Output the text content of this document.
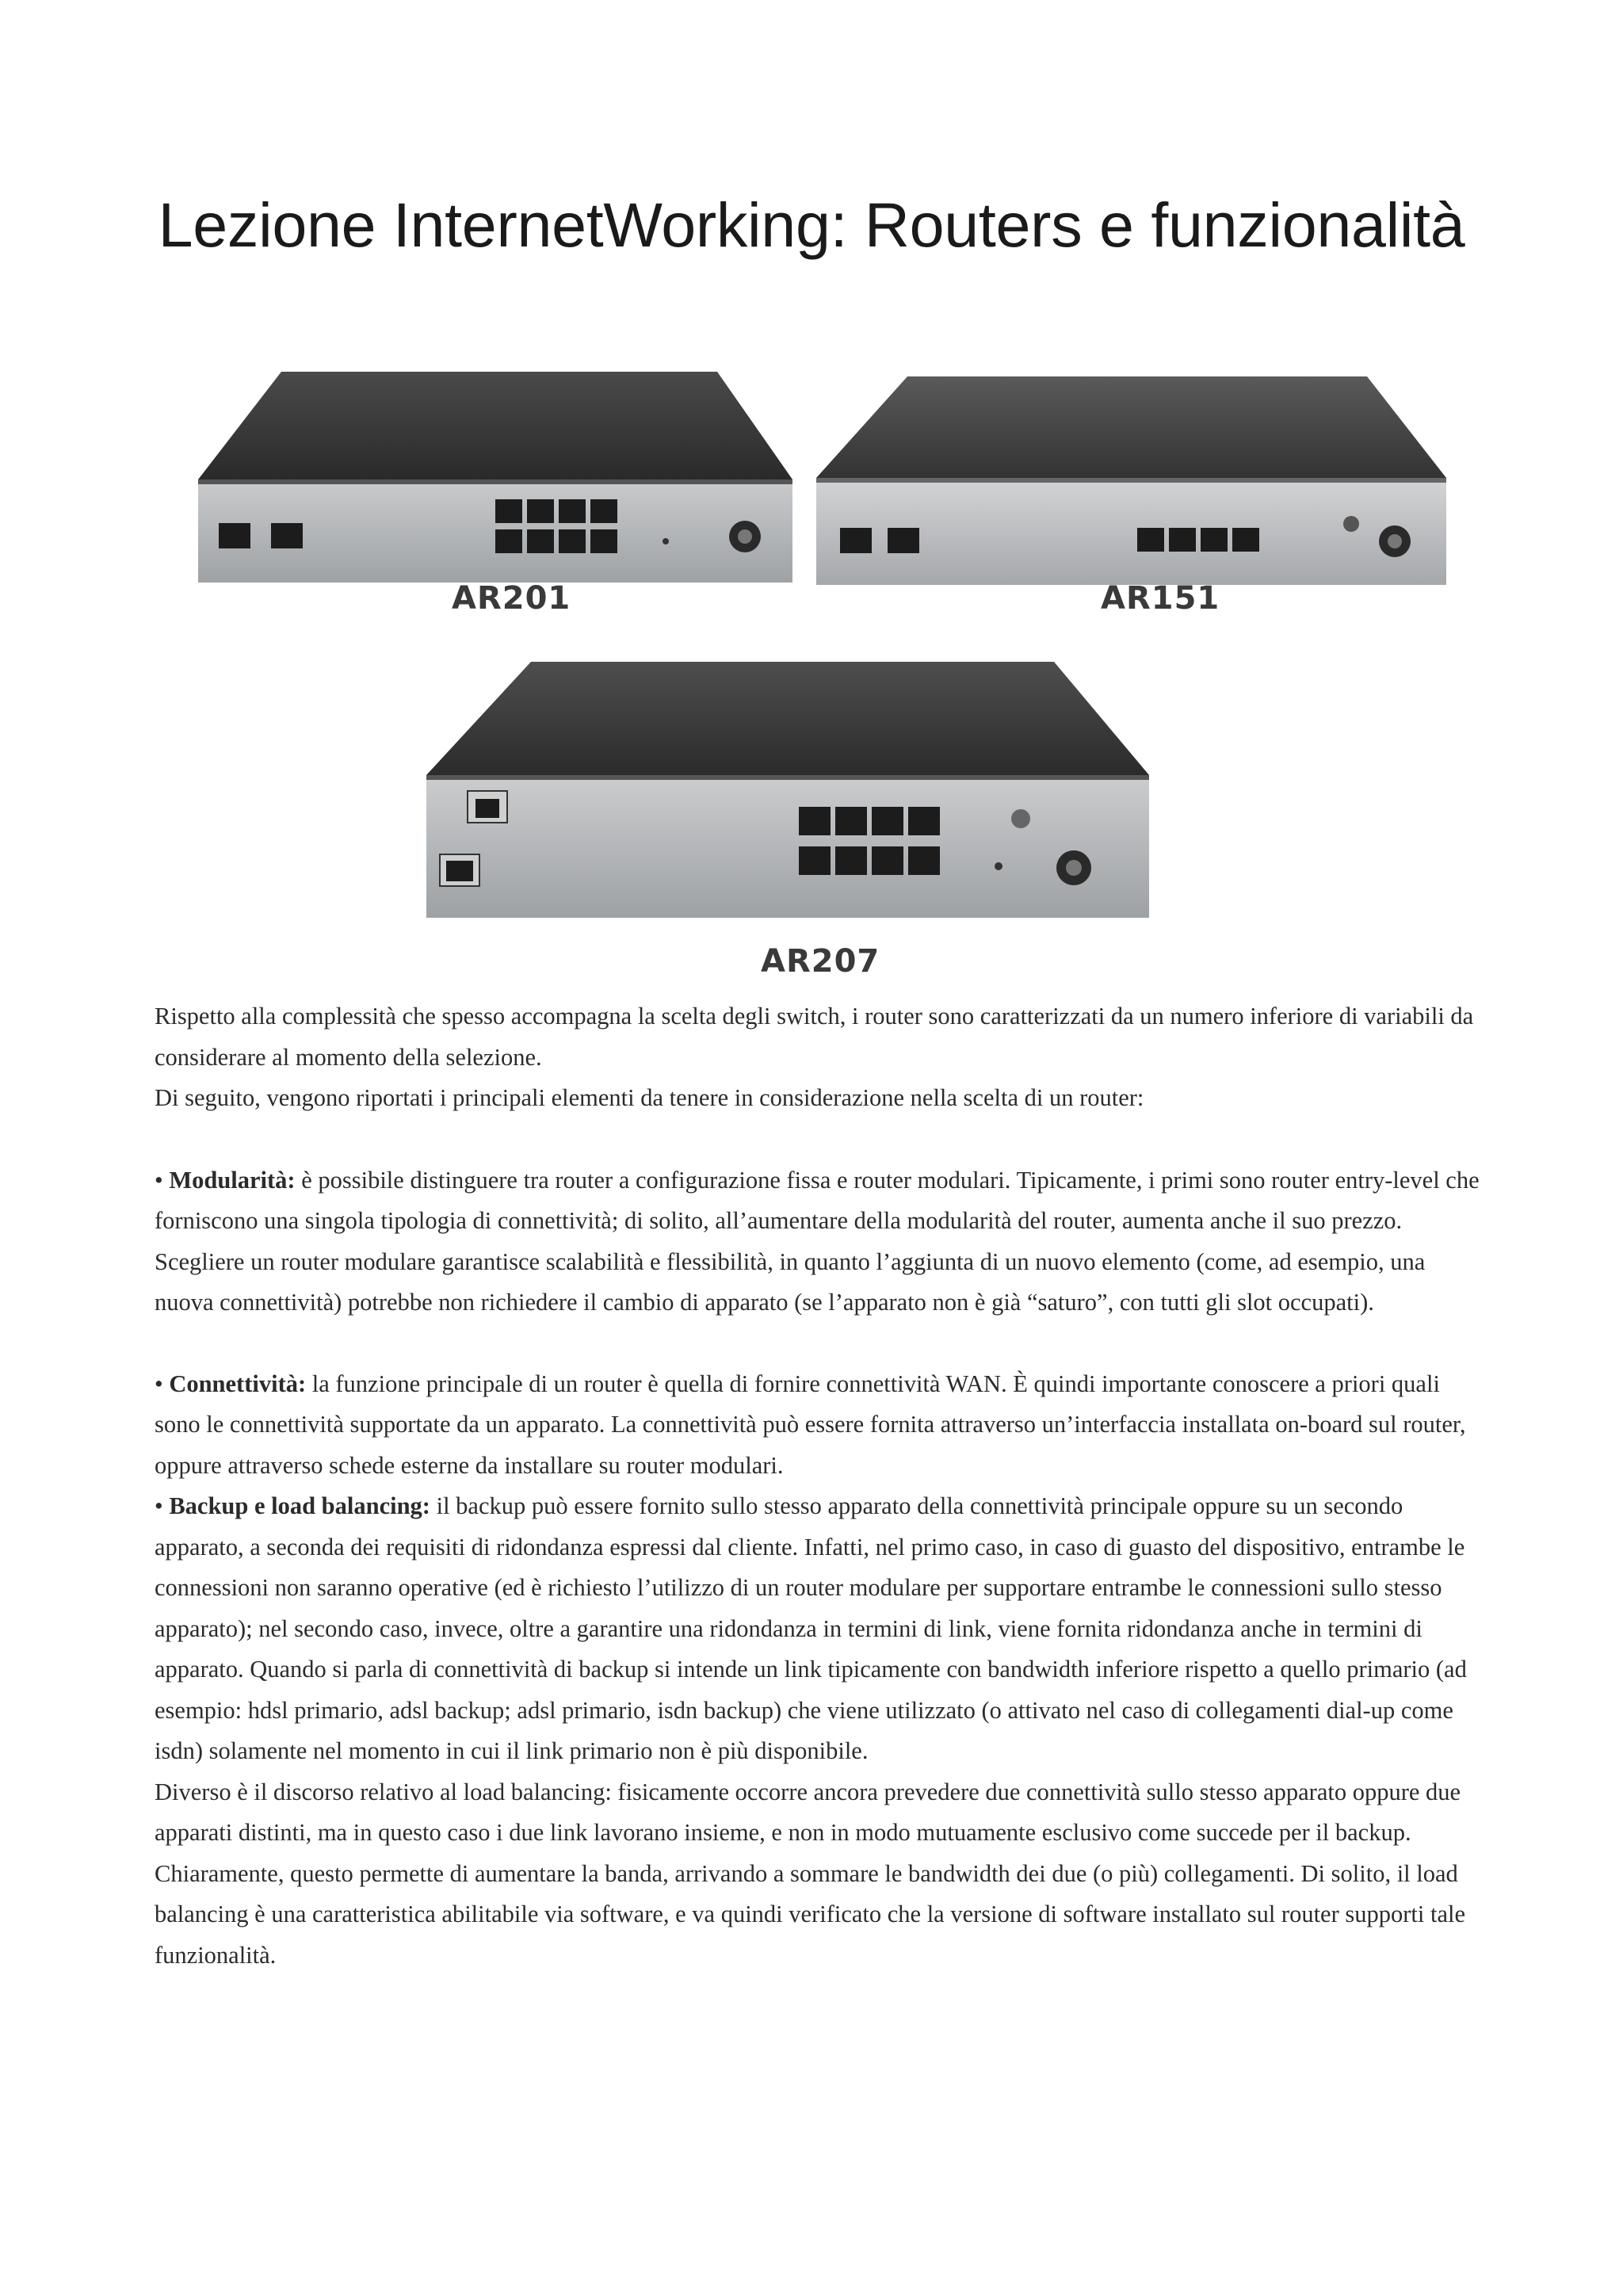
Lezione InternetWorking: Routers e funzionalità
AR201	AR151
AR207

Rispetto alla complessità che spesso accompagna la scelta degli switch, i router sono caratterizzati da un numero inferiore di variabili da considerare al momento della selezione.

Di seguito, vengono riportati i principali elementi da tenere in considerazione nella scelta di un router:

• Modularità: è possibile distinguere tra router a configurazione fissa e router modulari. Tipicamente, i primi sono router entry-level che forniscono una singola tipologia di connettività; di solito, all’aumentare della modularità del router, aumenta anche il suo prezzo. Scegliere un router modulare garantisce scalabilità e flessibilità, in quanto l’aggiunta di un nuovo elemento (come, ad esempio, una nuova connettività) potrebbe non richiedere il cambio di apparato (se l’apparato non è già “saturo”, con tutti gli slot occupati).

• Connettività: la funzione principale di un router è quella di fornire connettività WAN. È quindi importante conoscere a priori quali sono le connettività supportate da un apparato. La connettività può essere fornita attraverso un’interfaccia installata on-board sul router, oppure attraverso schede esterne da installare su router modulari.

• Backup e load balancing: il backup può essere fornito sullo stesso apparato della connettività principale oppure su un secondo apparato, a seconda dei requisiti di ridondanza espressi dal cliente. Infatti, nel primo caso, in caso di guasto del dispositivo, entrambe le connessioni non saranno operative (ed è richiesto l’utilizzo di un router modulare per supportare entrambe le connessioni sullo stesso apparato); nel secondo caso, invece, oltre a garantire una ridondanza in termini di link, viene fornita ridondanza anche in termini di apparato. Quando si parla di connettività di backup si intende un link tipicamente con bandwidth inferiore rispetto a quello primario (ad esempio: hdsl primario, adsl backup; adsl primario, isdn backup) che viene utilizzato (o attivato nel caso di collegamenti dial-up come isdn) solamente nel momento in cui il link primario non è più disponibile.

Diverso è il discorso relativo al load balancing: fisicamente occorre ancora prevedere due connettività sullo stesso apparato oppure due apparati distinti, ma in questo caso i due link lavorano insieme, e non in modo mutuamente esclusivo come succede per il backup. Chiaramente, questo permette di aumentare la banda, arrivando a sommare le bandwidth dei due (o più) collegamenti. Di solito, il load balancing è una caratteristica abilitabile via software, e va quindi verificato che la versione di software installato sul router supporti tale funzionalità.
